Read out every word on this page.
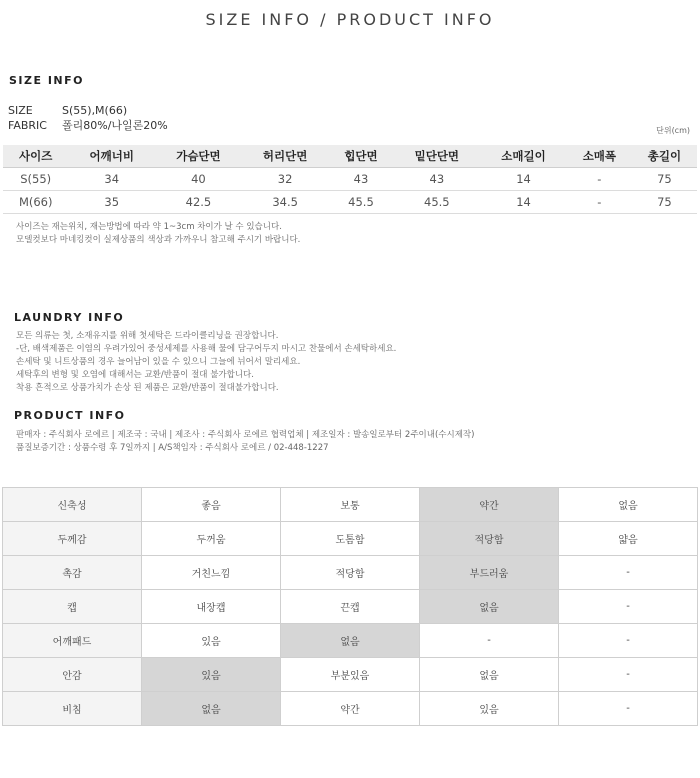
SIZE INFO / PRODUCT INFO
SIZE INFO
SIZE	S(55),M(66)
FABRIC 폴리80%/나일론20%	단위(cm)
사이즈	어깨너비	가슴단면	허리단면	힙단면	밑단단면	소매길이	소매폭	총길이
S(55)	34	40	32	43	43	14	-	75
M(66)	35	42.5	34.5	45.5	45.5	14	-	75
사이즈는 재는위치, 재는방법에 따라 약 1~3cm 차이가 날 수 있습니다.
모델컷보다 마네킹컷이 실제상품의 색상과 가까우니 참고해 주시기 바랍니다.
LAUNDRY INFO
모든 의류는 첫, 소재유지를 위해 첫세탁은 드라이클리닝을 권장합니다.
-단, 배색제품은 이염의 우려가있어 중성세제를 사용해 물에 담구어두지 마시고 찬물에서 손세탁하세요.
손세탁 및 니트상품의 경우 늘어남이 있을 수 있으니 그늘에 뉘어서 말리세요.
세탁후의 변형 및 오염에 대해서는 교환/반품이 절대 불가합니다.
착용 흔적으로 상품가치가 손상 된 제품은 교환/반품이 절대불가합니다.
PRODUCT INFO
판매자 : 주식회사 로에르 | 제조국 : 국내 | 제조사 : 주식회사 로에르 협력업체 | 제조일자 : 발송일로부터 2주이내(수시제작)
품질보증기간 : 상품수령 후 7일까지 | A/S책임자 : 주식회사 로에르 / 02-448-1227
신축성	좋음	보통	약간	없음
두께감	두꺼움	도톰함	적당함	얇음
촉감	거친느낌	적당함	부드러움	-
캡	내장캡	끈캡	없음	-
어깨패드	있음	없음	-	-
안감	있음	부분있음	없음	-
비침	없음	약간	있음	-
